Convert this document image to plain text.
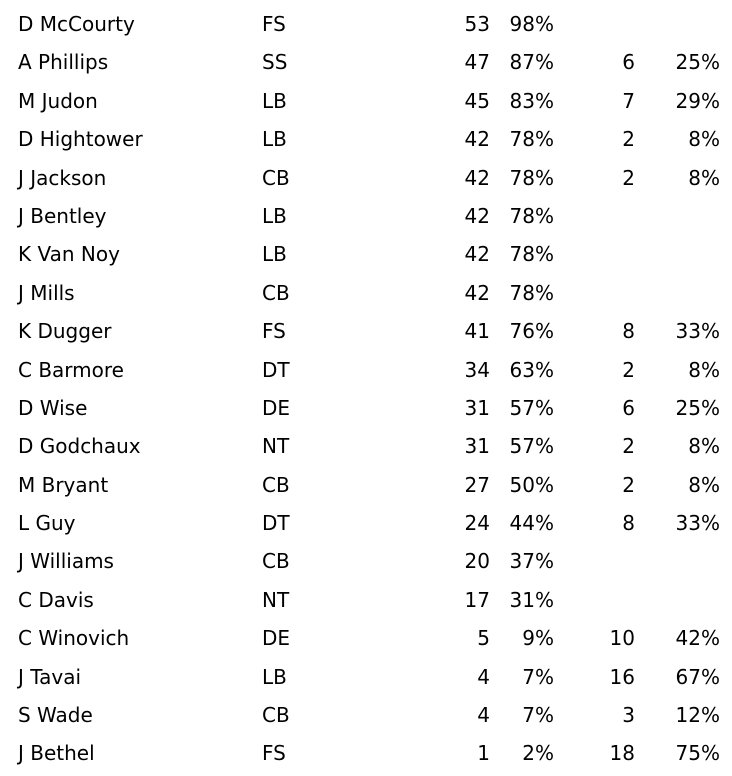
D McCourty	FS	53 98%
A Phillips	SS	47 87%	6 25%
M Judon	LB	45 83%	7 29%
D Hightower	LB	42 78%	2	8%
J Jackson	CB	42 78%	2	8%
J Bentley	LB	42 78%
K Van Noy	LB	42 78%
J Mills	CB	42 78%
K Dugger	FS	41 76%	8 33%
C Barmore	DT	34 63%	2	8%
D Wise	DE	31 57%	6 25%
D Godchaux	NT	31 57%	2	8%
M Bryant	CB	27 50%	2	8%
L Guy	DT	24 44%	8 33%
J Williams	CB	20 37%
C Davis	NT	17 31%
C Winovich	DE	5 9%	10 42%
J Tavai	LB	4 7%	16 67%
S Wade	CB	4 7%	3 12%
J Bethel	FS	1 2%	18 75%
